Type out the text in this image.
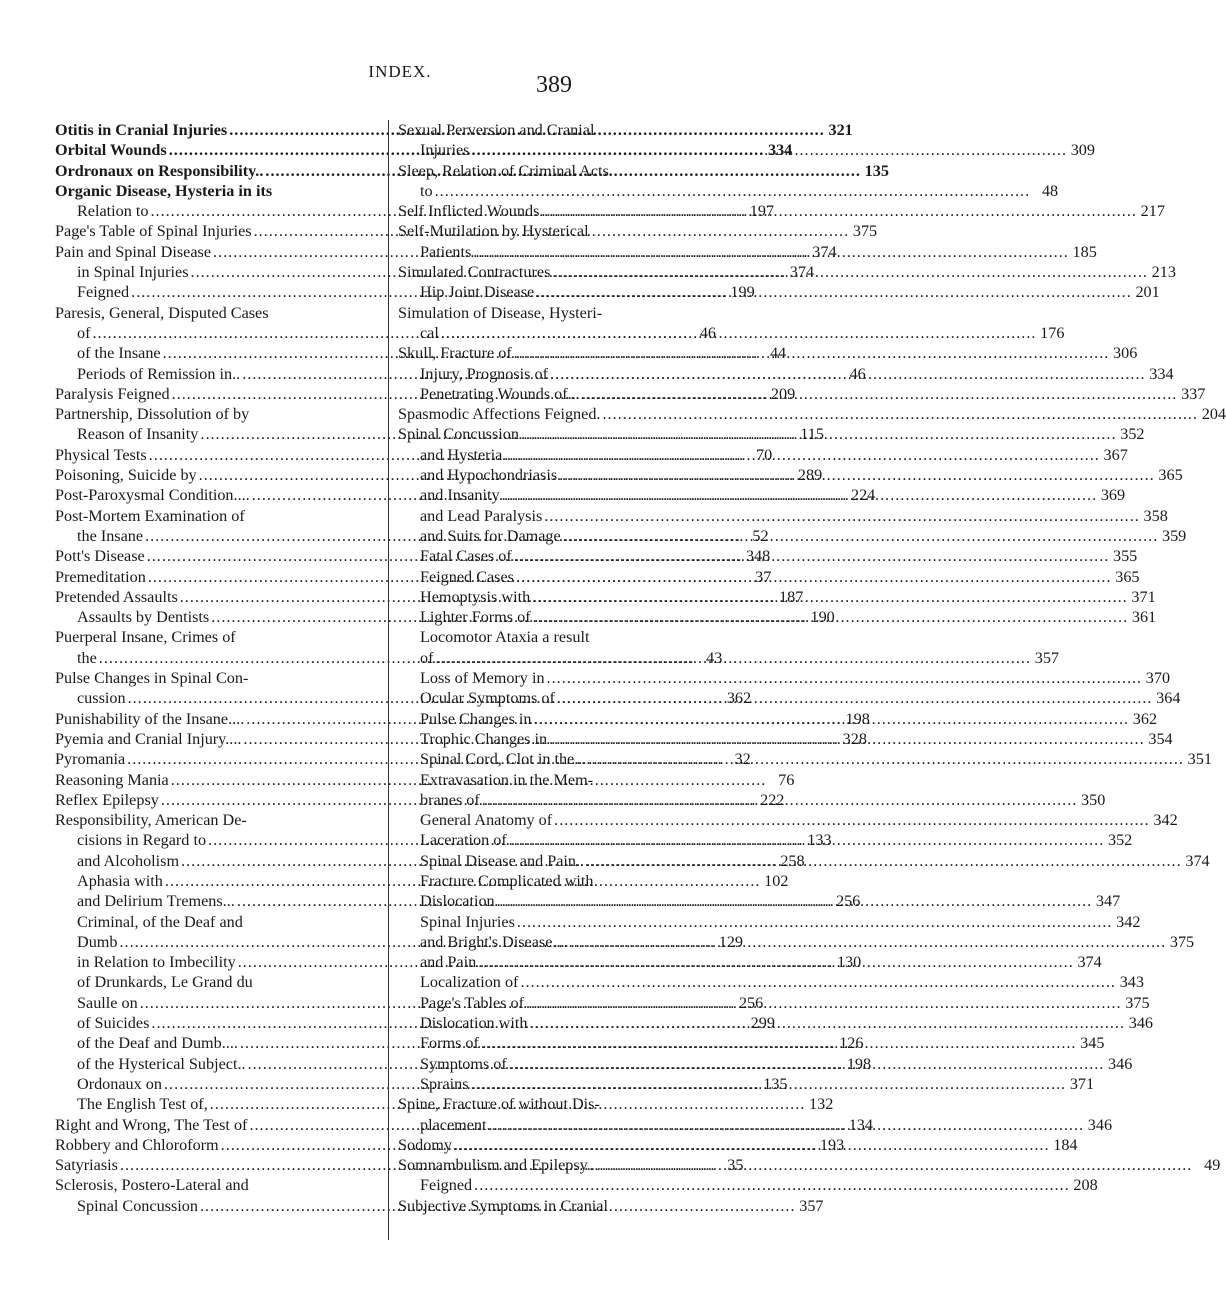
INDEX.
389
Otitis in Cranial Injuries .....	321
Orbital Wounds .....	334
Ordronaux on Responsibility.. .....	135
Organic Disease, Hysteria in its
Relation to .....	197
Page's Table of Spinal Injuries .....	375
Pain and Spinal Disease .....	374
in Spinal Injuries .....	374
Feigned .....	199
Paresis, General, Disputed Cases
of .....	46
of the Insane .....	44
Periods of Remission in.. .....	46
Paralysis Feigned .....	209
Partnership, Dissolution of by
Reason of Insanity .....	115
Physical Tests .....	70
Poisoning, Suicide by .....	289
Post-Paroxysmal Condition.... .....	224
Post-Mortem Examination of
the Insane .....	52
Pott's Disease .....	348
Premeditation .....	37
Pretended Assaults .....	187
Assaults by Dentists .....	190
Puerperal Insane, Crimes of
the .....	43
Pulse Changes in Spinal Con-
cussion .....	362
Punishability of the Insane.... .....	198
Pyemia and Cranial Injury.... .....	328
Pyromania .....	32
Reasoning Mania .....	76
Reflex Epilepsy .....	222
Responsibility, American De-
cisions in Regard to .....	133
and Alcoholism .....	258
Aphasia with .....	102
and Delirium Tremens... .....	256
Criminal, of the Deaf and
Dumb .....	129
in Relation to Imbecility .....	130
of Drunkards, Le Grand du
Saulle on .....	256
of Suicides .....	299
of the Deaf and Dumb.... .....	126
of the Hysterical Subject.. .....	198
Ordonaux on .....	135
The English Test of, .....	132
Right and Wrong, The Test of .....	134
Robbery and Chloroform .....	193
Satyriasis .....	35
Sclerosis, Postero-Lateral and
Spinal Concussion .....	357
Sexual Perversion and Cranial
Injuries .....	309
Sleep, Relation of Criminal Acts
to .....	48
Self Inflicted Wounds .....	217
Self-Mutilation by Hysterical
Patients .....	185
Simulated Contractures .....	213
Hip Joint Disease .....	201
Simulation of Disease, Hysteri-
cal .....	176
Skull, Fracture of .....	306
Injury, Prognosis of .....	334
Penetrating Wounds of... .....	337
Spasmodic Affections Feigned. .....	204
Spinal Concussion .....	352
and Hysteria .....	367
and Hypochondriasis .....	365
and Insanity .....	369
and Lead Paralysis .....	358
and Suits for Damage .....	359
Fatal Cases of .....	355
Feigned Cases .....	365
Hemoptysis with .....	371
Lighter Forms of .....	361
Locomotor Ataxia a result
of .....	357
Loss of Memory in .....	370
Ocular Symptoms of .....	364
Pulse Changes in .....	362
Trophic Changes in .....	354
Spinal Cord, Clot in the... .....	351
Extravasation in the Mem-
branes of .....	350
General Anatomy of .....	342
Laceration of .....	352
Spinal Disease and Pain.. .....	374
Fracture Complicated with
Dislocation .....	347
Spinal Injuries .....	342
and Bright's Disease.... .....	375
and Pain .....	374
Localization of .....	343
Page's Tables of .....	375
Dislocation with .....	346
Forms of .....	345
Symptoms of .....	346
Sprains .....	371
Spine, Fracture of without Dis-
placement .....	346
Sodomy .....	184
Somnambulism and Epilepsy.. .....	49
Feigned .....	208
Subjective Symptoms in Cranial
